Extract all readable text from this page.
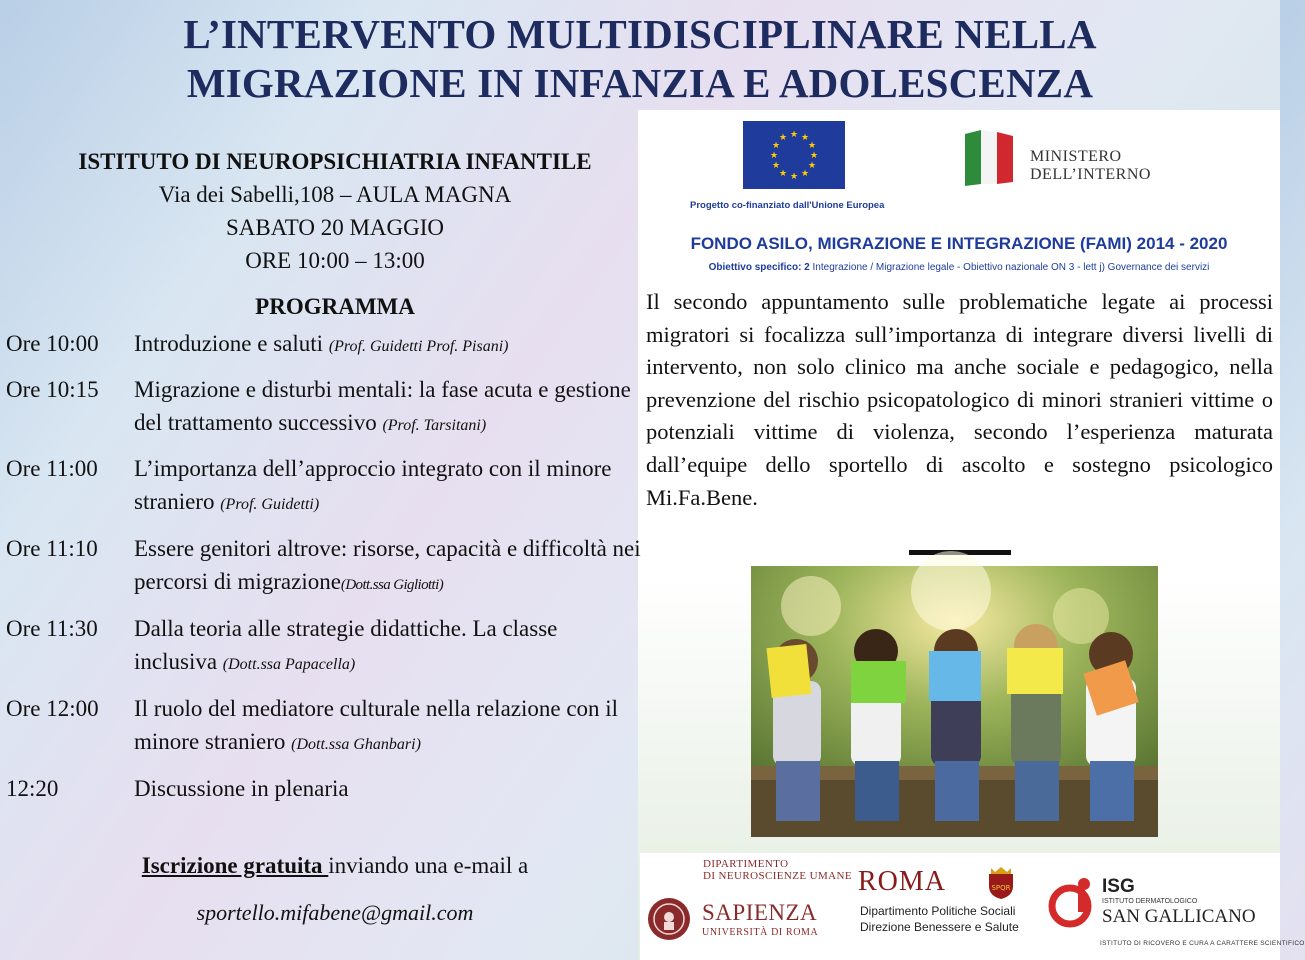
L’INTERVENTO MULTIDISCIPLINARE NELLA
MIGRAZIONE IN INFANZIA E ADOLESCENZA
ISTITUTO DI NEUROPSICHIATRIA INFANTILE
Via dei Sabelli,108 – AULA MAGNA
SABATO 20 MAGGIO
ORE 10:00 – 13:00
PROGRAMMA
Ore 10:00	Introduzione e saluti (Prof. Guidetti Prof. Pisani)
Ore 10:15	Migrazione e disturbi mentali: la fase acuta e gestione del trattamento successivo (Prof. Tarsitani)
Ore 11:00	L’importanza dell’approccio integrato con il minore straniero (Prof. Guidetti)
Ore 11:10	Essere genitori altrove: risorse, capacità e difficoltà nei percorsi di migrazione(Dott.ssa Gigliotti)
Ore 11:30	Dalla teoria alle strategie didattiche. La classe inclusiva (Dott.ssa Papacella)
Ore 12:00	Il ruolo del mediatore culturale nella relazione con il minore straniero (Dott.ssa Ghanbari)
12:20	Discussione in plenaria
Iscrizione gratuita inviando una e-mail a
sportello.mifabene@gmail.com
★ ★
★
★
★
★
★
★
★
★
★
★
Progetto co-finanziato dall'Unione Europea
MINISTERO
DELL’INTERNO
FONDO ASILO, MIGRAZIONE E INTEGRAZIONE (FAMI) 2014 - 2020
Obiettivo specifico: 2 Integrazione / Migrazione legale - Obiettivo nazionale ON 3 - lett j) Governance dei servizi
Il secondo appuntamento sulle problematiche legate ai processi migratori si focalizza sull’importanza di integrare diversi livelli di intervento, non solo clinico ma anche sociale e pedagogico, nella prevenzione del rischio psicopatologico di minori stranieri vittime o potenziali vittime di violenza, secondo l’esperienza maturata dall’equipe dello sportello di ascolto e sostegno psicologico Mi.Fa.Bene.
DIPARTIMENTO
DI NEUROSCIENZE UMANE
SAPIENZA
UNIVERSITÀ DI ROMA
ROMA	SPQR
Dipartimento Politiche Sociali
Direzione Benessere e Salute
ISG
ISTITUTO DERMATOLOGICO
SAN GALLICANO
ISTITUTO DI RICOVERO E CURA A CARATTERE SCIENTIFICO
